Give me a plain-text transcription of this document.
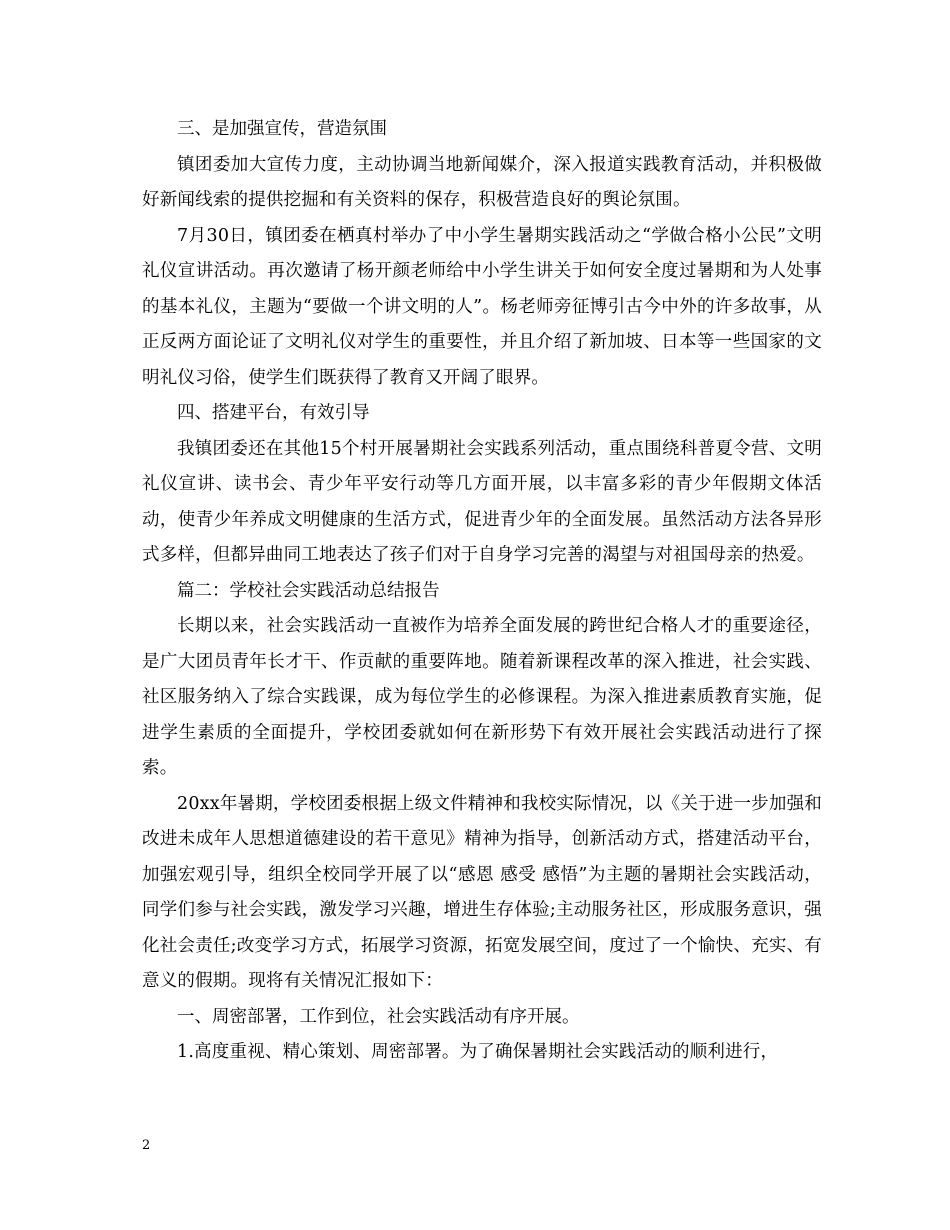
三、是加强宣传，营造氛围

镇团委加大宣传力度，主动协调当地新闻媒介，深入报道实践教育活动，并积极做好新闻线索的提供挖掘和有关资料的保存，积极营造良好的舆论氛围。

7月30日，镇团委在栖真村举办了中小学生暑期实践活动之“学做合格小公民”文明礼仪宣讲活动。再次邀请了杨开颜老师给中小学生讲关于如何安全度过暑期和为人处事的基本礼仪，主题为“要做一个讲文明的人”。杨老师旁征博引古今中外的许多故事，从正反两方面论证了文明礼仪对学生的重要性，并且介绍了新加坡、日本等一些国家的文明礼仪习俗，使学生们既获得了教育又开阔了眼界。

四、搭建平台，有效引导

我镇团委还在其他15个村开展暑期社会实践系列活动，重点围绕科普夏令营、文明礼仪宣讲、读书会、青少年平安行动等几方面开展，以丰富多彩的青少年假期文体活动，使青少年养成文明健康的生活方式，促进青少年的全面发展。虽然活动方法各异形式多样，但都异曲同工地表达了孩子们对于自身学习完善的渴望与对祖国母亲的热爱。

篇二：学校社会实践活动总结报告

长期以来，社会实践活动一直被作为培养全面发展的跨世纪合格人才的重要途径，是广大团员青年长才干、作贡献的重要阵地。随着新课程改革的深入推进，社会实践、社区服务纳入了综合实践课，成为每位学生的必修课程。为深入推进素质教育实施，促进学生素质的全面提升，学校团委就如何在新形势下有效开展社会实践活动进行了探索。

20xx年暑期，学校团委根据上级文件精神和我校实际情况，以《关于进一步加强和改进未成年人思想道德建设的若干意见》精神为指导，创新活动方式，搭建活动平台，加强宏观引导，组织全校同学开展了以“感恩 感受 感悟”为主题的暑期社会实践活动，同学们参与社会实践，激发学习兴趣，增进生存体验;主动服务社区，形成服务意识，强化社会责任;改变学习方式，拓展学习资源，拓宽发展空间，度过了一个愉快、充实、有意义的假期。现将有关情况汇报如下：

一、周密部署，工作到位，社会实践活动有序开展。

1.高度重视、精心策划、周密部署。为了确保暑期社会实践活动的顺利进行，

2
